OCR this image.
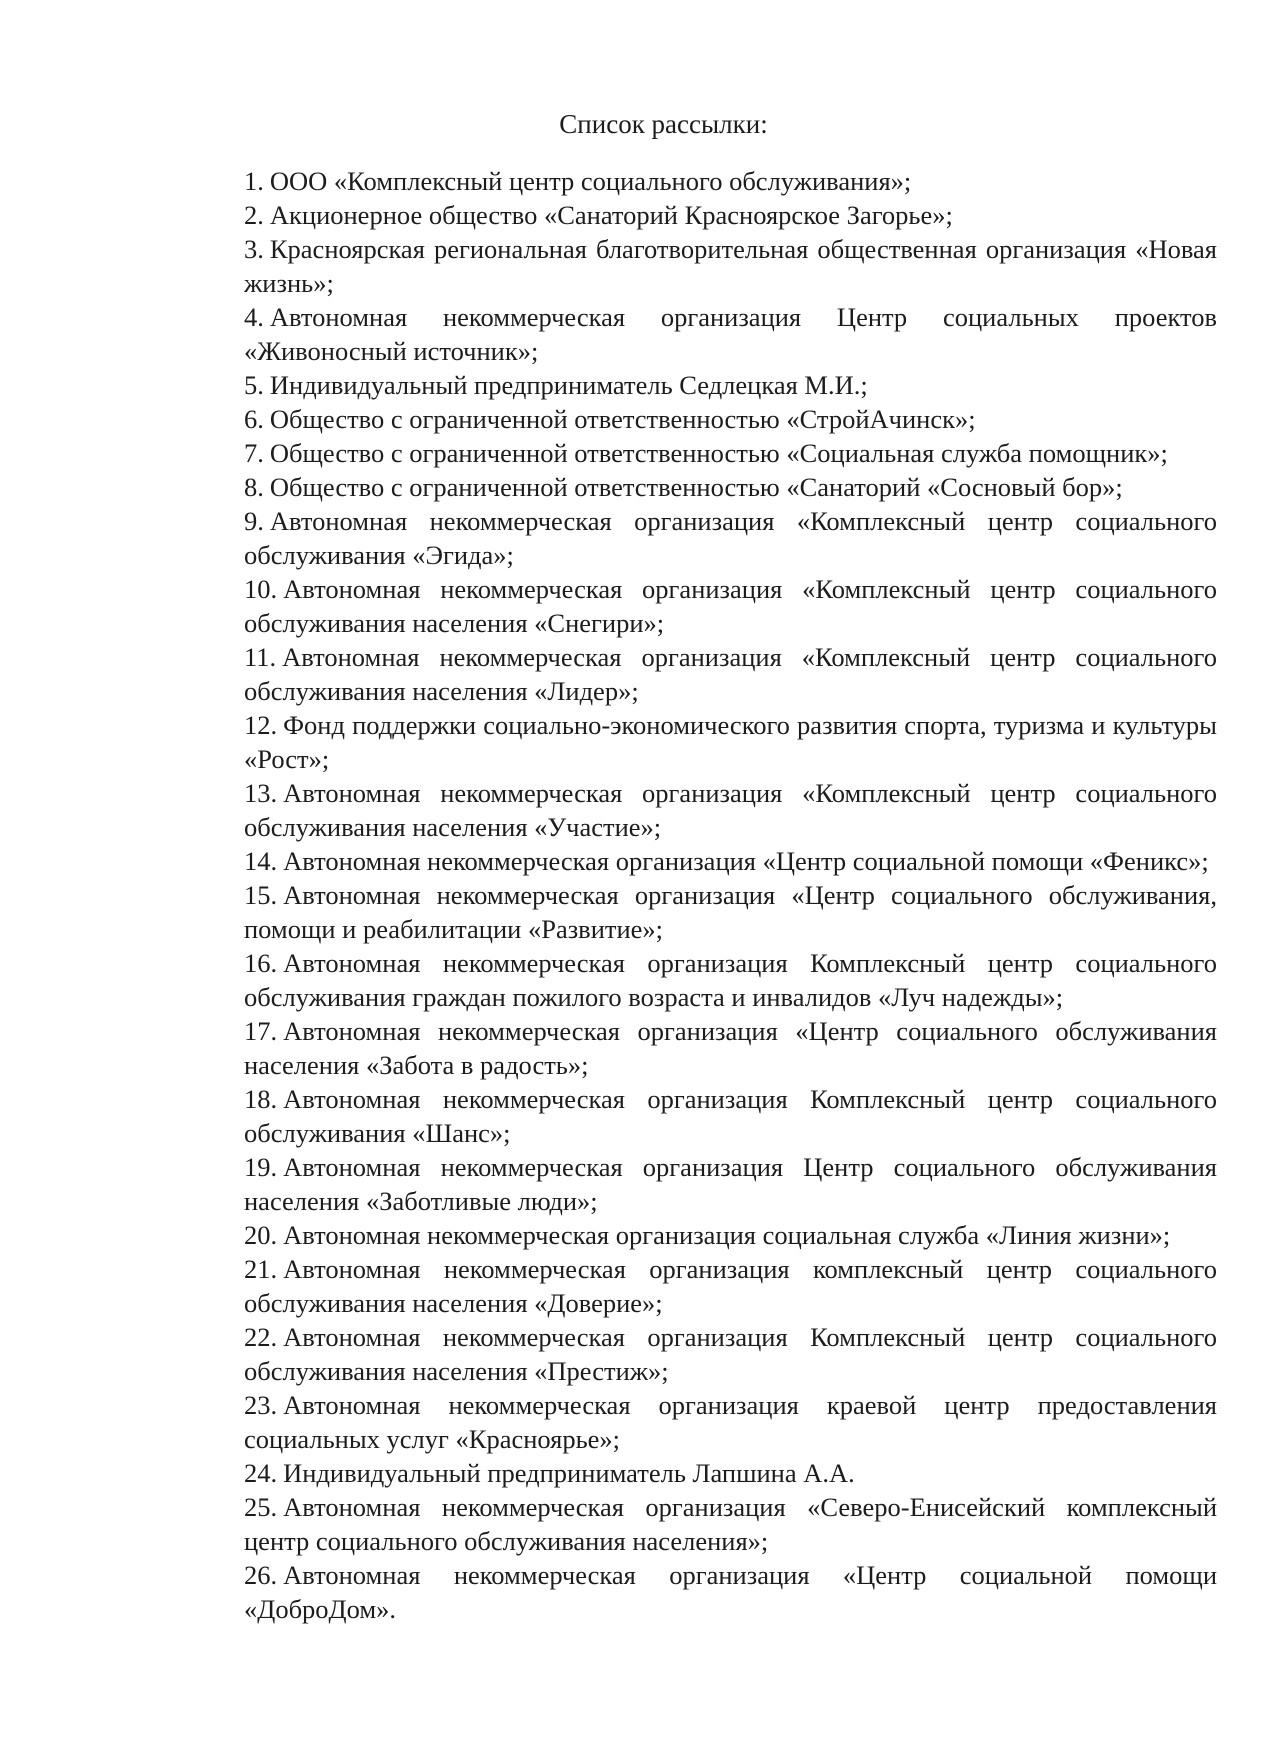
Список рассылки:
1. ООО «Комплексный центр социального обслуживания»;
2. Акционерное общество «Санаторий Красноярское Загорье»;
3. Красноярская региональная благотворительная общественная организация «Новая жизнь»;
4. Автономная некоммерческая организация Центр социальных проектов «Живоносный источник»;
5. Индивидуальный предприниматель Седлецкая М.И.;
6. Общество с ограниченной ответственностью «СтройАчинск»;
7. Общество с ограниченной ответственностью «Социальная служба помощник»;
8. Общество с ограниченной ответственностью «Санаторий «Сосновый бор»;
9. Автономная некоммерческая организация «Комплексный центр социального обслуживания «Эгида»;
10. Автономная некоммерческая организация «Комплексный центр социального обслуживания населения «Снегири»;
11. Автономная некоммерческая организация «Комплексный центр социального обслуживания населения «Лидер»;
12. Фонд поддержки социально-экономического развития спорта, туризма и культуры «Рост»;
13. Автономная некоммерческая организация «Комплексный центр социального обслуживания населения «Участие»;
14. Автономная некоммерческая организация «Центр социальной помощи «Феникс»;
15. Автономная некоммерческая организация «Центр социального обслуживания, помощи и реабилитации «Развитие»;
16. Автономная некоммерческая организация Комплексный центр социального обслуживания граждан пожилого возраста и инвалидов «Луч надежды»;
17. Автономная некоммерческая организация «Центр социального обслуживания населения «Забота в радость»;
18. Автономная некоммерческая организация Комплексный центр социального обслуживания «Шанс»;
19. Автономная некоммерческая организация Центр социального обслуживания населения «Заботливые люди»;
20. Автономная некоммерческая организация социальная служба «Линия жизни»;
21. Автономная некоммерческая организация комплексный центр социального обслуживания населения «Доверие»;
22. Автономная некоммерческая организация Комплексный центр социального обслуживания населения «Престиж»;
23. Автономная некоммерческая организация краевой центр предоставления социальных услуг «Красноярье»;
24. Индивидуальный предприниматель Лапшина А.А.
25. Автономная некоммерческая организация «Северо-Енисейский комплексный центр социального обслуживания населения»;
26. Автономная некоммерческая организация «Центр социальной помощи «ДоброДом».
